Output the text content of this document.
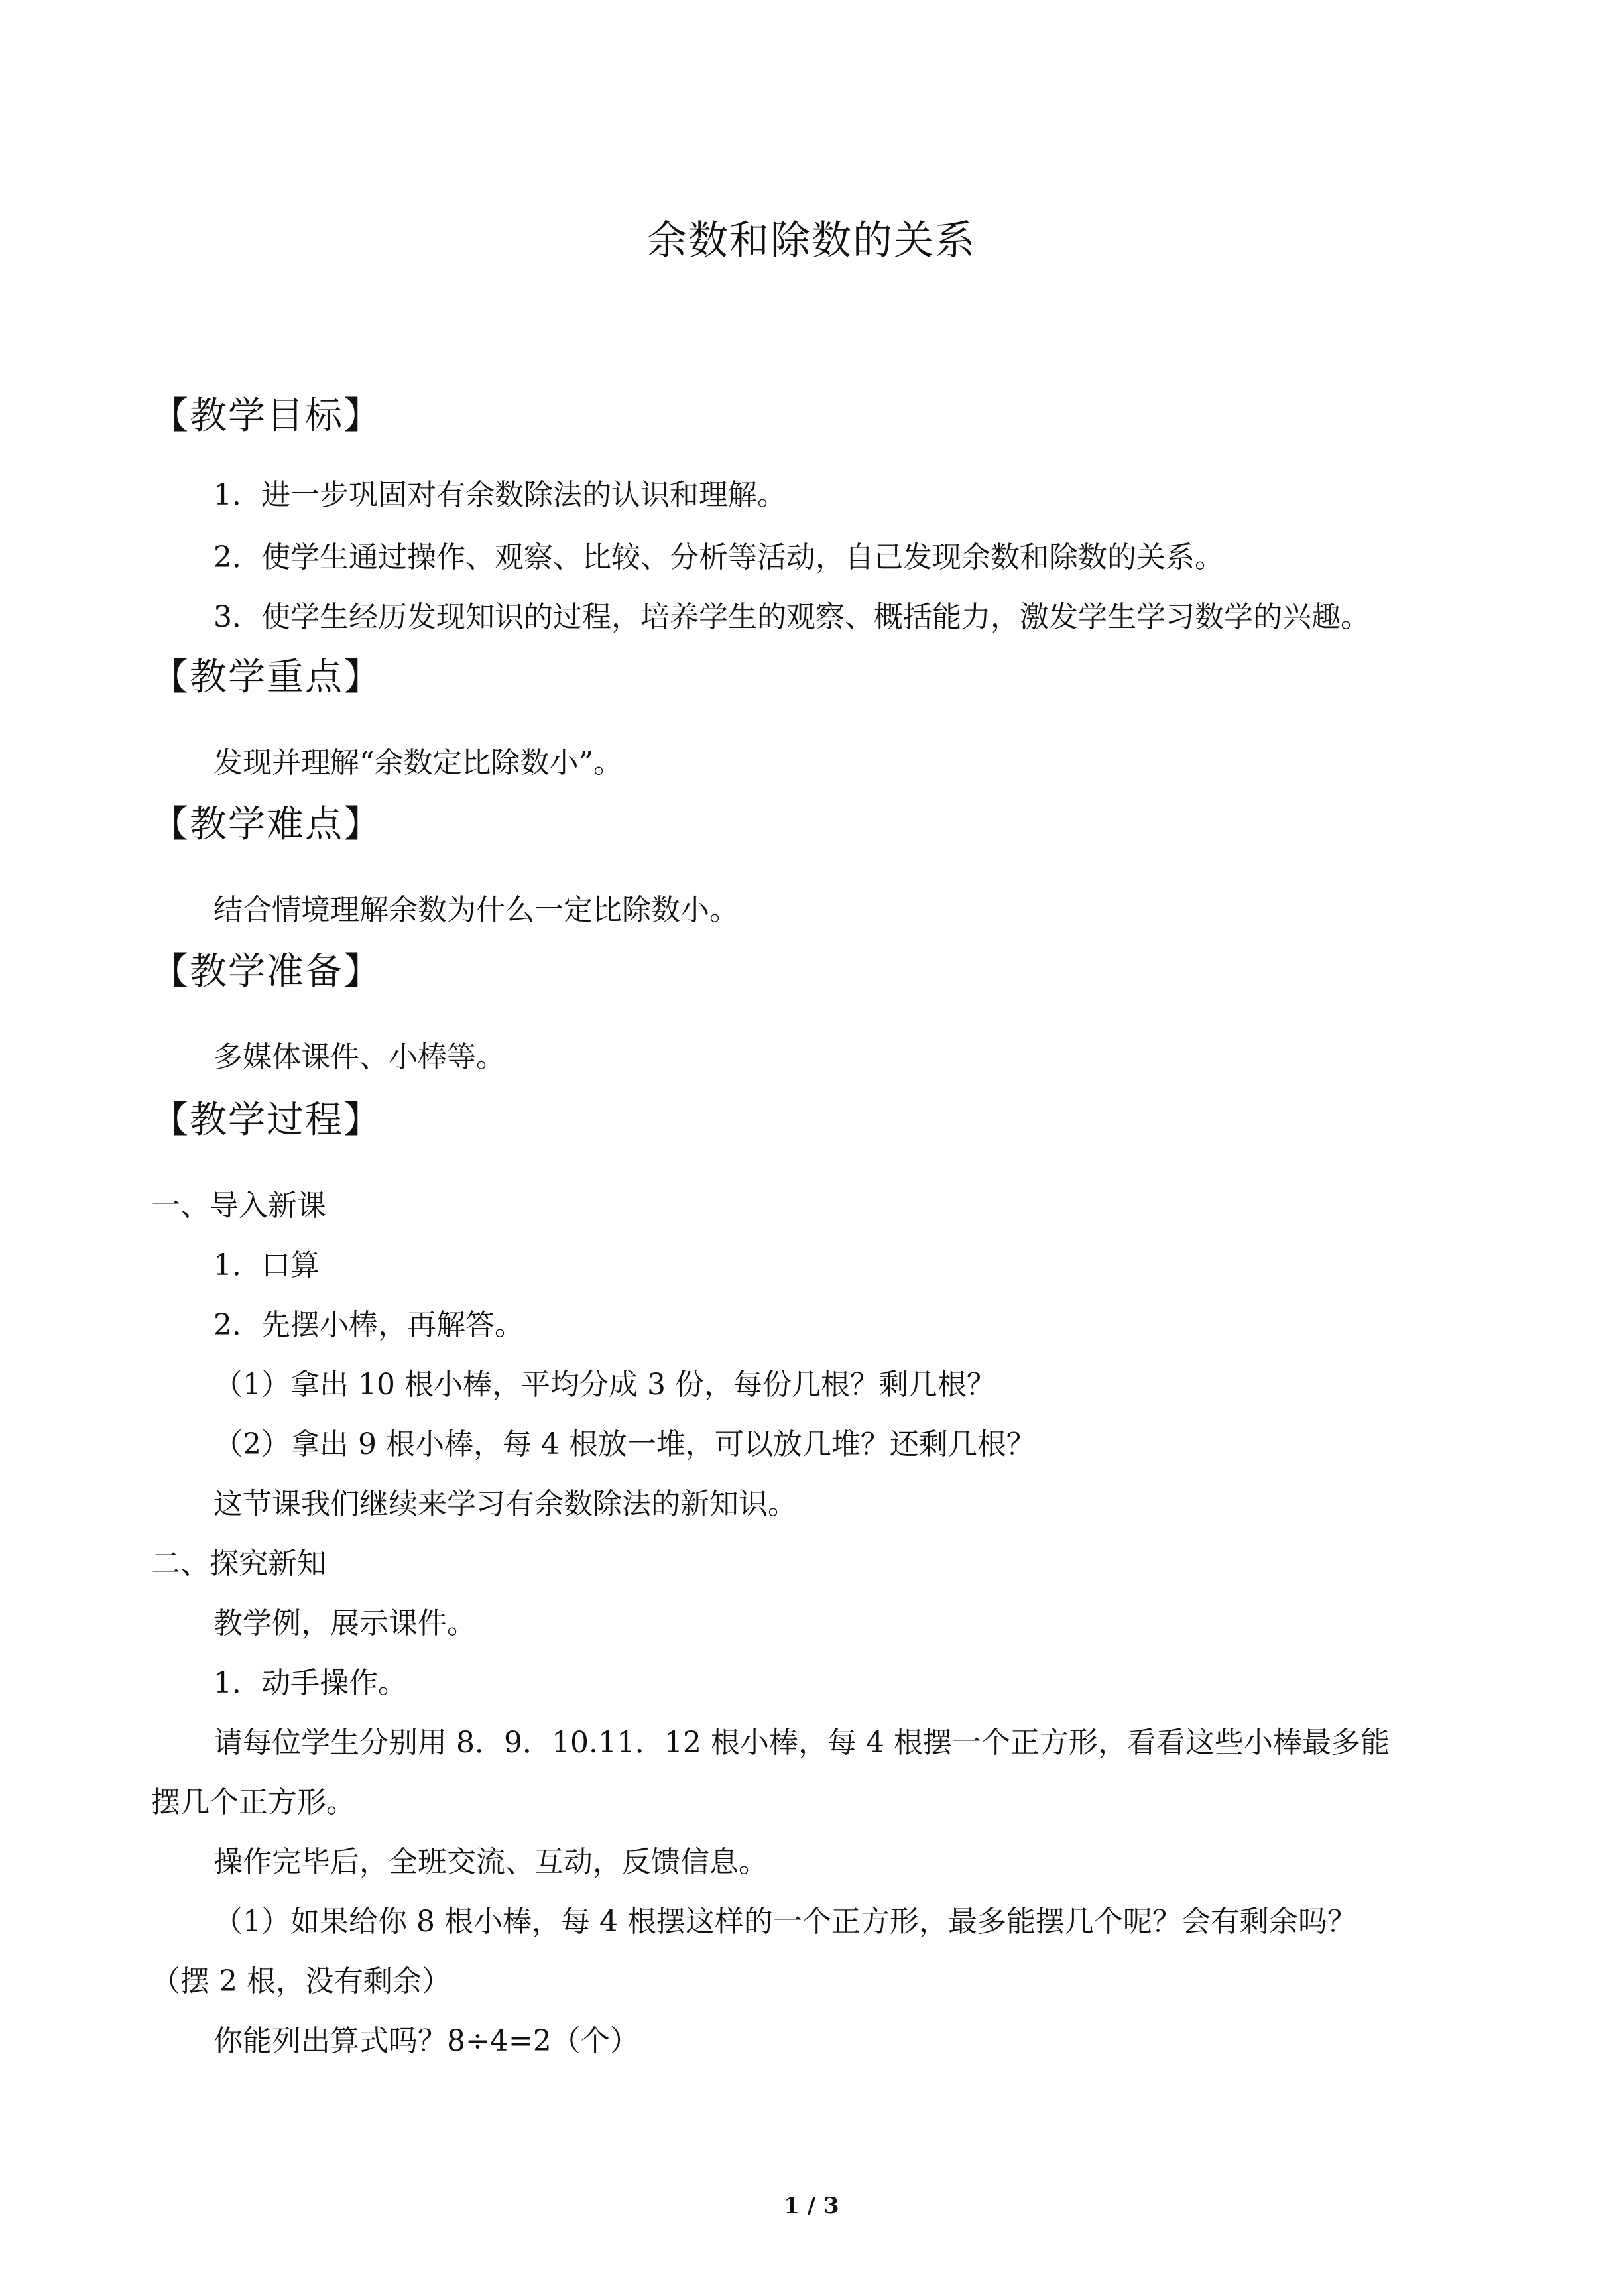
余数和除数的关系
【教学目标】
1．进一步巩固对有余数除法的认识和理解。
2．使学生通过操作、观察、比较、分析等活动，自己发现余数和除数的关系。
3．使学生经历发现知识的过程，培养学生的观察、概括能力，激发学生学习数学的兴趣。
【教学重点】
发现并理解“余数定比除数小”。
【教学难点】
结合情境理解余数为什么一定比除数小。
【教学准备】
多媒体课件、小棒等。
【教学过程】
一、导入新课
1．口算
2．先摆小棒，再解答。
（1）拿出 10 根小棒，平均分成 3 份，每份几根？剩几根？
（2）拿出 9 根小棒，每 4 根放一堆，可以放几堆？还剩几根？
这节课我们继续来学习有余数除法的新知识。
二、探究新知
教学例，展示课件。
1．动手操作。
请每位学生分别用 8．9．10.11．12 根小棒，每 4 根摆一个正方形，看看这些小棒最多能
摆几个正方形。
操作完毕后，全班交流、互动，反馈信息。
（1）如果给你 8 根小棒，每 4 根摆这样的一个正方形，最多能摆几个呢？会有剩余吗？
（摆 2 根，没有剩余）
你能列出算式吗？8÷4=2（个）
1 / 3
